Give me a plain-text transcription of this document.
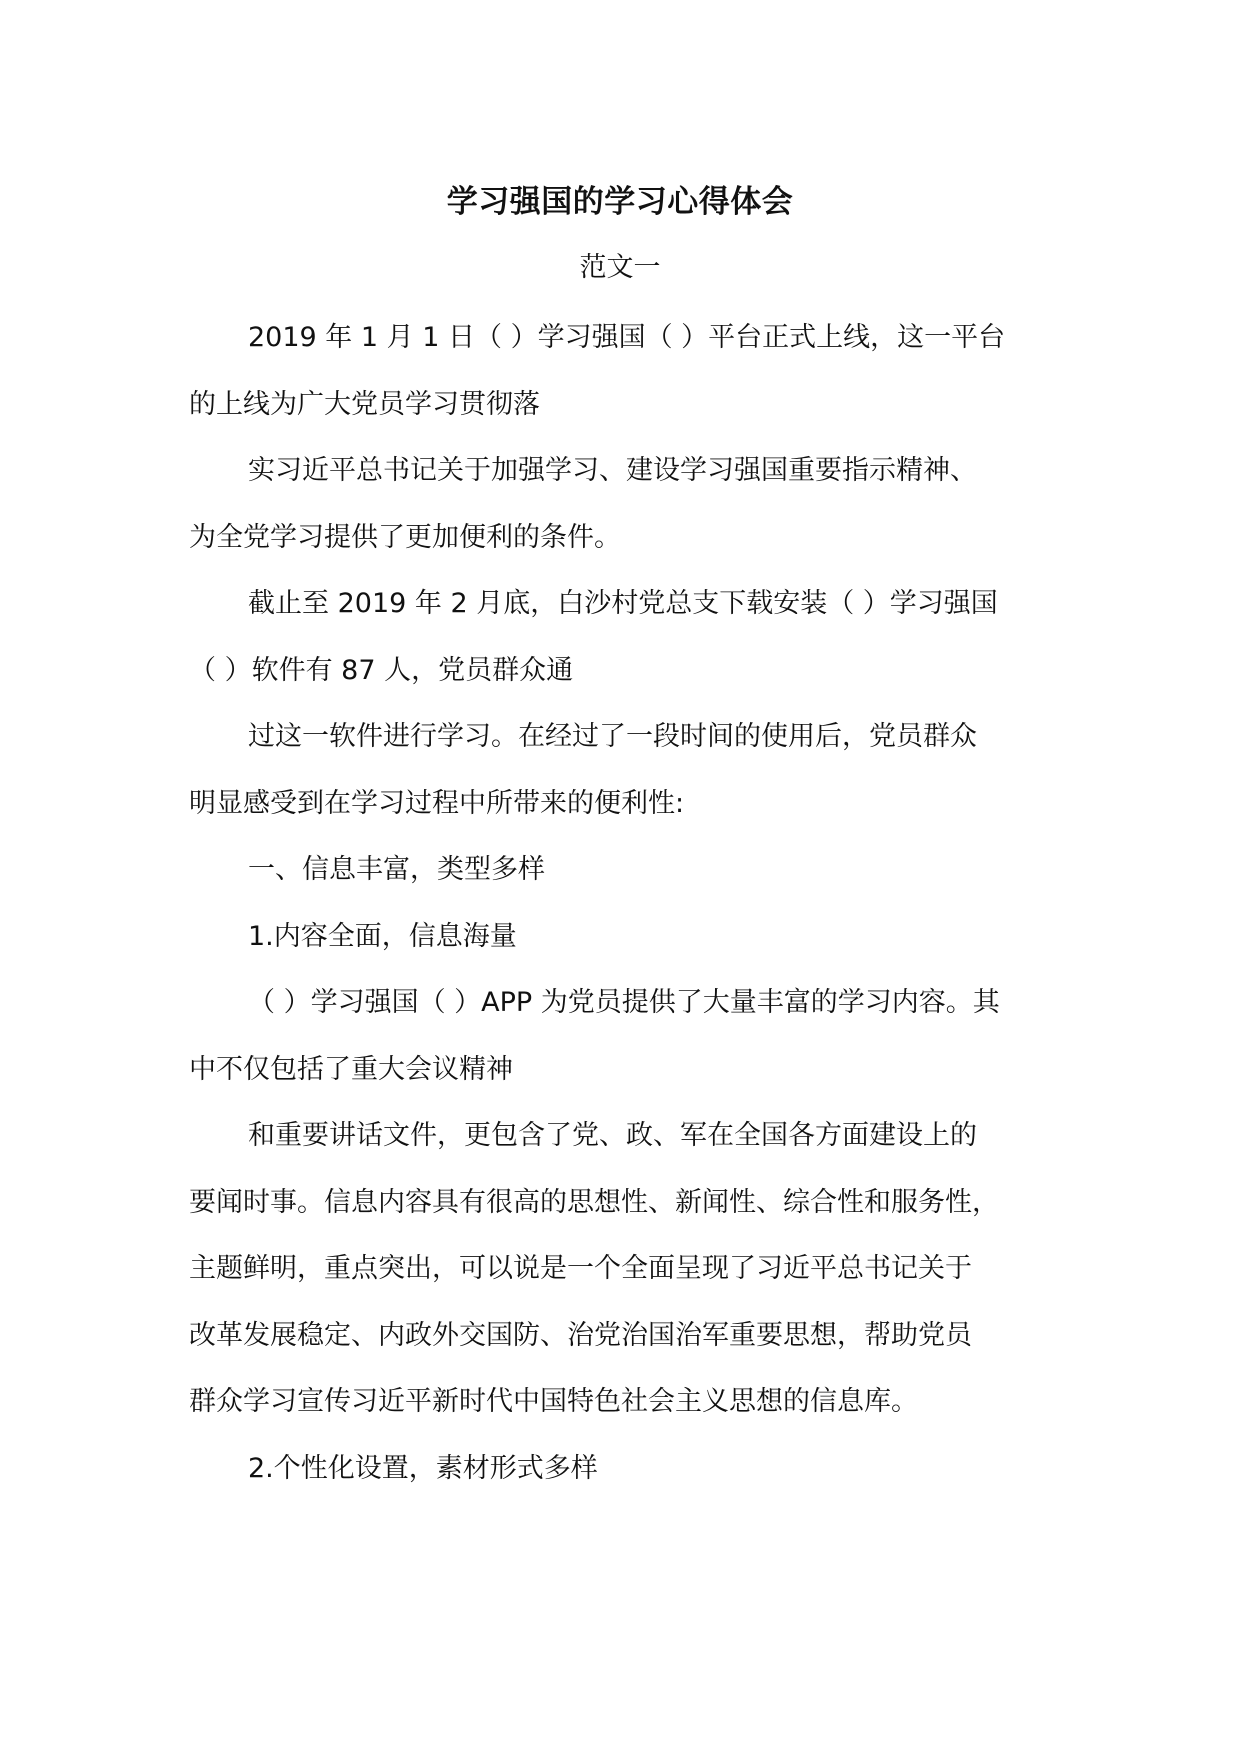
学习强国的学习心得体会
范文一
2019 年 1 月 1 日（ ）学习强国（ ）平台正式上线，这一平台
的上线为广大党员学习贯彻落
实习近平总书记关于加强学习、建设学习强国重要指示精神、
为全党学习提供了更加便利的条件。
截止至 2019 年 2 月底，白沙村党总支下载安装（ ）学习强国
（ ）软件有 87 人，党员群众通
过这一软件进行学习。在经过了一段时间的使用后，党员群众
明显感受到在学习过程中所带来的便利性:
一、信息丰富，类型多样
1.内容全面，信息海量
（ ）学习强国（ ）APP 为党员提供了大量丰富的学习内容。其
中不仅包括了重大会议精神
和重要讲话文件，更包含了党、政、军在全国各方面建设上的
要闻时事。信息内容具有很高的思想性、新闻性、综合性和服务性，
主题鲜明，重点突出，可以说是一个全面呈现了习近平总书记关于
改革发展稳定、内政外交国防、治党治国治军重要思想，帮助党员
群众学习宣传习近平新时代中国特色社会主义思想的信息库。
2.个性化设置，素材形式多样
